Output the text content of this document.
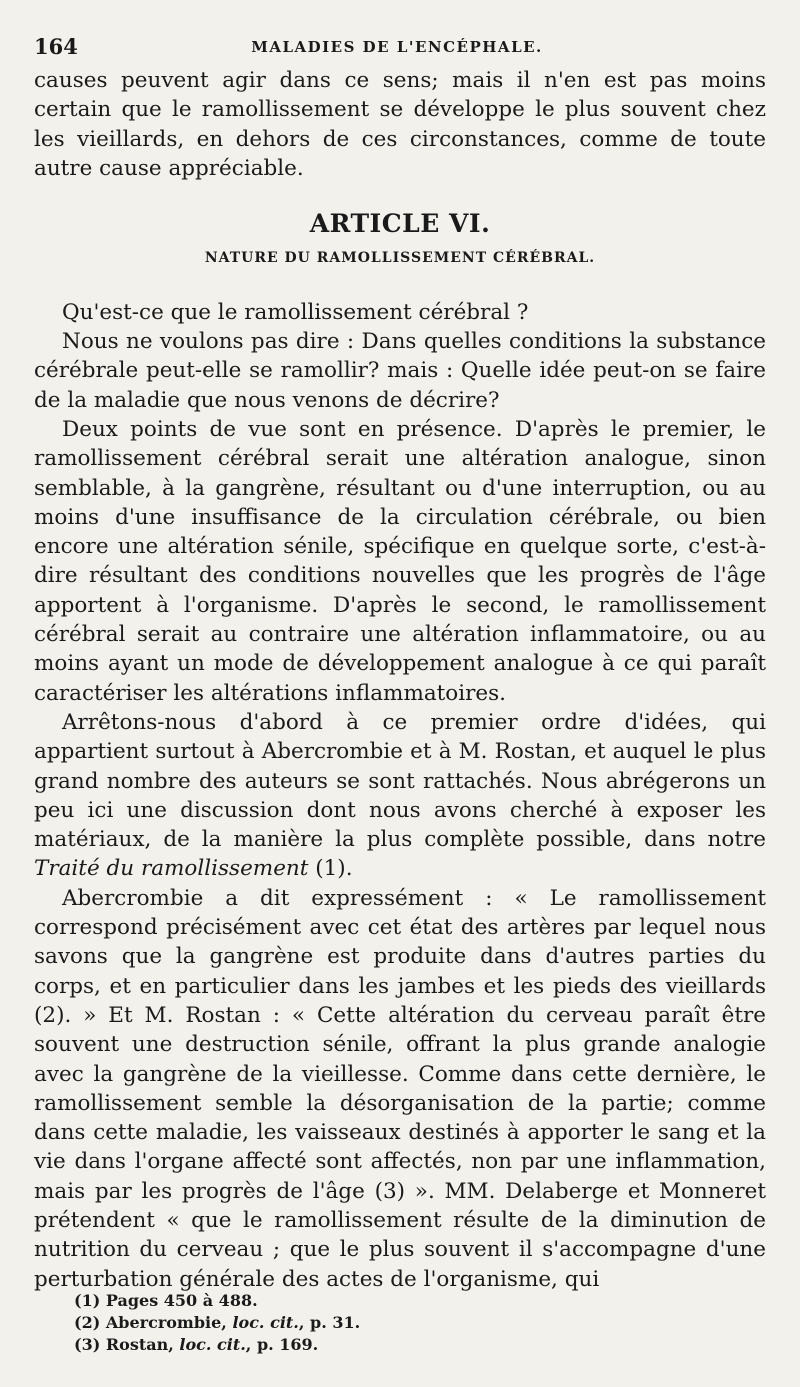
164	MALADIES DE L'ENCÉPHALE.

causes peuvent agir dans ce sens; mais il n'en est pas moins certain que le ramollissement se développe le plus souvent chez les vieillards, en dehors de ces circonstances, comme de toute autre cause appréciable.

ARTICLE VI.
NATURE DU RAMOLLISSEMENT CÉRÉBRAL.

Qu'est-ce que le ramollissement cérébral ?

Nous ne voulons pas dire : Dans quelles conditions la substance cérébrale peut-elle se ramollir? mais : Quelle idée peut-on se faire de la maladie que nous venons de décrire?

Deux points de vue sont en présence. D'après le premier, le ramollissement cérébral serait une altération analogue, sinon semblable, à la gangrène, résultant ou d'une interruption, ou au moins d'une insuffisance de la circulation cérébrale, ou bien encore une altération sénile, spécifique en quelque sorte, c'est-à-dire résultant des conditions nouvelles que les progrès de l'âge apportent à l'organisme. D'après le second, le ramollissement cérébral serait au contraire une altération inflammatoire, ou au moins ayant un mode de développement analogue à ce qui paraît caractériser les altérations inflammatoires.

Arrêtons-nous d'abord à ce premier ordre d'idées, qui appartient surtout à Abercrombie et à M. Rostan, et auquel le plus grand nombre des auteurs se sont rattachés. Nous abrégerons un peu ici une discussion dont nous avons cherché à exposer les matériaux, de la manière la plus complète possible, dans notre Traité du ramollissement (1).

Abercrombie a dit expressément : « Le ramollissement correspond précisément avec cet état des artères par lequel nous savons que la gangrène est produite dans d'autres parties du corps, et en particulier dans les jambes et les pieds des vieillards (2). » Et M. Rostan : « Cette altération du cerveau paraît être souvent une destruction sénile, offrant la plus grande analogie avec la gangrène de la vieillesse. Comme dans cette dernière, le ramollissement semble la désorganisation de la partie; comme dans cette maladie, les vaisseaux destinés à apporter le sang et la vie dans l'organe affecté sont affectés, non par une inflammation, mais par les progrès de l'âge (3) ». MM. Delaberge et Monneret prétendent « que le ramollissement résulte de la diminution de nutrition du cerveau ; que le plus souvent il s'accompagne d'une perturbation générale des actes de l'organisme, qui

(1) Pages 450 à 488.
(2) Abercrombie, loc. cit., p. 31.
(3) Rostan, loc. cit., p. 169.
